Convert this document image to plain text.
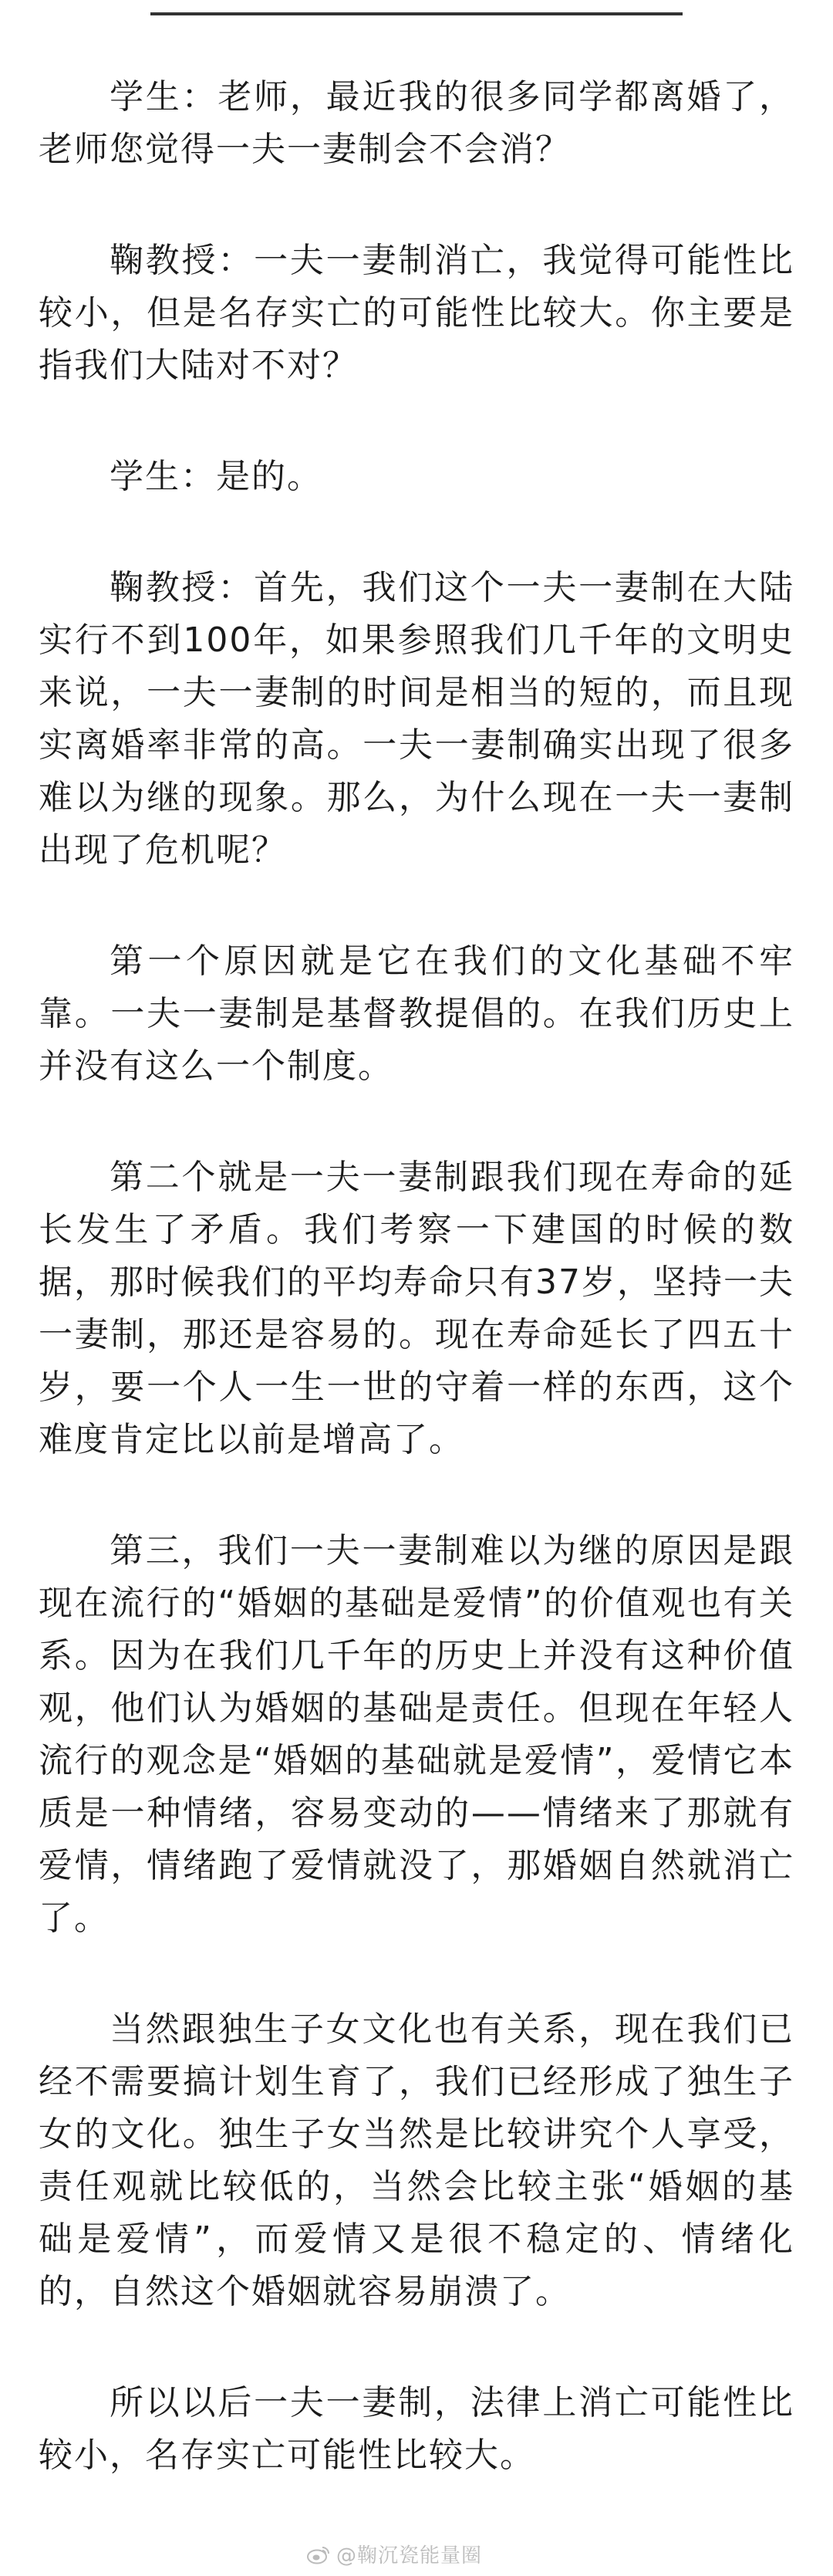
学生：老师，最近我的很多同学都离婚了，老师您觉得一夫一妻制会不会消？

鞠教授：一夫一妻制消亡，我觉得可能性比较小，但是名存实亡的可能性比较大。你主要是指我们大陆对不对？

学生：是的。

鞠教授：首先，我们这个一夫一妻制在大陆实行不到100年，如果参照我们几千年的文明史来说，一夫一妻制的时间是相当的短的，而且现实离婚率非常的高。一夫一妻制确实出现了很多难以为继的现象。那么，为什么现在一夫一妻制出现了危机呢？

第一个原因就是它在我们的文化基础不牢靠。一夫一妻制是基督教提倡的。在我们历史上并没有这么一个制度。

第二个就是一夫一妻制跟我们现在寿命的延长发生了矛盾。我们考察一下建国的时候的数据，那时候我们的平均寿命只有37岁，坚持一夫一妻制，那还是容易的。现在寿命延长了四五十岁，要一个人一生一世的守着一样的东西，这个难度肯定比以前是增高了。

第三，我们一夫一妻制难以为继的原因是跟现在流行的“婚姻的基础是爱情”的价值观也有关系。因为在我们几千年的历史上并没有这种价值观，他们认为婚姻的基础是责任。但现在年轻人流行的观念是“婚姻的基础就是爱情”，爱情它本质是一种情绪，容易变动的——情绪来了那就有爱情，情绪跑了爱情就没了，那婚姻自然就消亡了。

当然跟独生子女文化也有关系，现在我们已经不需要搞计划生育了，我们已经形成了独生子女的文化。独生子女当然是比较讲究个人享受，责任观就比较低的，当然会比较主张“婚姻的基础是爱情”，而爱情又是很不稳定的、情绪化的，自然这个婚姻就容易崩溃了。

所以以后一夫一妻制，法律上消亡可能性比较小，名存实亡可能性比较大。

@鞠沉瓷能量圈
